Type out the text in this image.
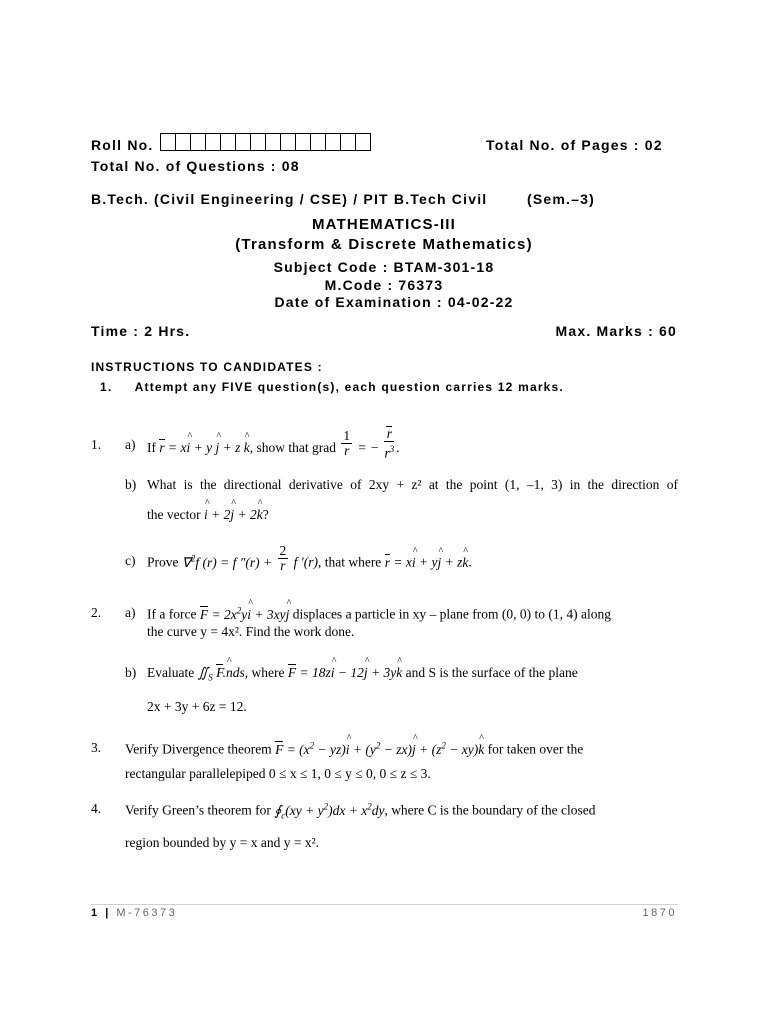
Roll No.	Total No. of Pages : 02
Total No. of Questions : 08
B.Tech. (Civil Engineering / CSE) / PIT B.Tech Civil	(Sem.–3)
MATHEMATICS-III
(Transform & Discrete Mathematics)
Subject Code : BTAM-301-18
M.Code : 76373
Date of Examination : 04-02-22
Time : 2 Hrs.	Max. Marks : 60
INSTRUCTIONS TO CANDIDATES :
1. Attempt any FIVE question(s), each question carries 12 marks.
1. a) If r = x^ i + y ^ j + z ^ k, show that grad $\frac{1}{r}$ = − $\frac{r}{r^3}$ .
b) What is the directional derivative of 2xy + z² at the point (1, –1, 3) in the direction of
the vector ^ i + 2^ j + 2^ k?
c) Prove ∇$^2$f (r) = f $''(r) + \frac{2}{r}$ f ′(r), that where r = x^ i + y^ j + z^ k.
2. a) If a force $F = 2x^2y\^{}$ i + 3xy^ j displaces a particle in xy – plane from (0, 0) to (1, 4) along
the curve y = 4x². Find the work done.
b) Evaluate $∬_S$ F.^ nds, where F = 18z^ i − 12^ j + 3y^ k and S is the surface of the plane
2x + 3y + 6z = 12.
3. Verify Divergence theorem $F = (x^2$ − yz)^ $i + (y^2$ − zx)^ $j + (z^2$ − xy)^ k for taken over the
rectangular parallelepiped 0 ≤ x ≤ 1, 0 ≤ y ≤ 0, 0 ≤ z ≤ 3.
4. Verify Green’s theorem for $∮_c(xy + y^2)dx + x^2dy$, where C is the boundary of the closed
region bounded by y = x and y = x².
1 | M-76373	1870
